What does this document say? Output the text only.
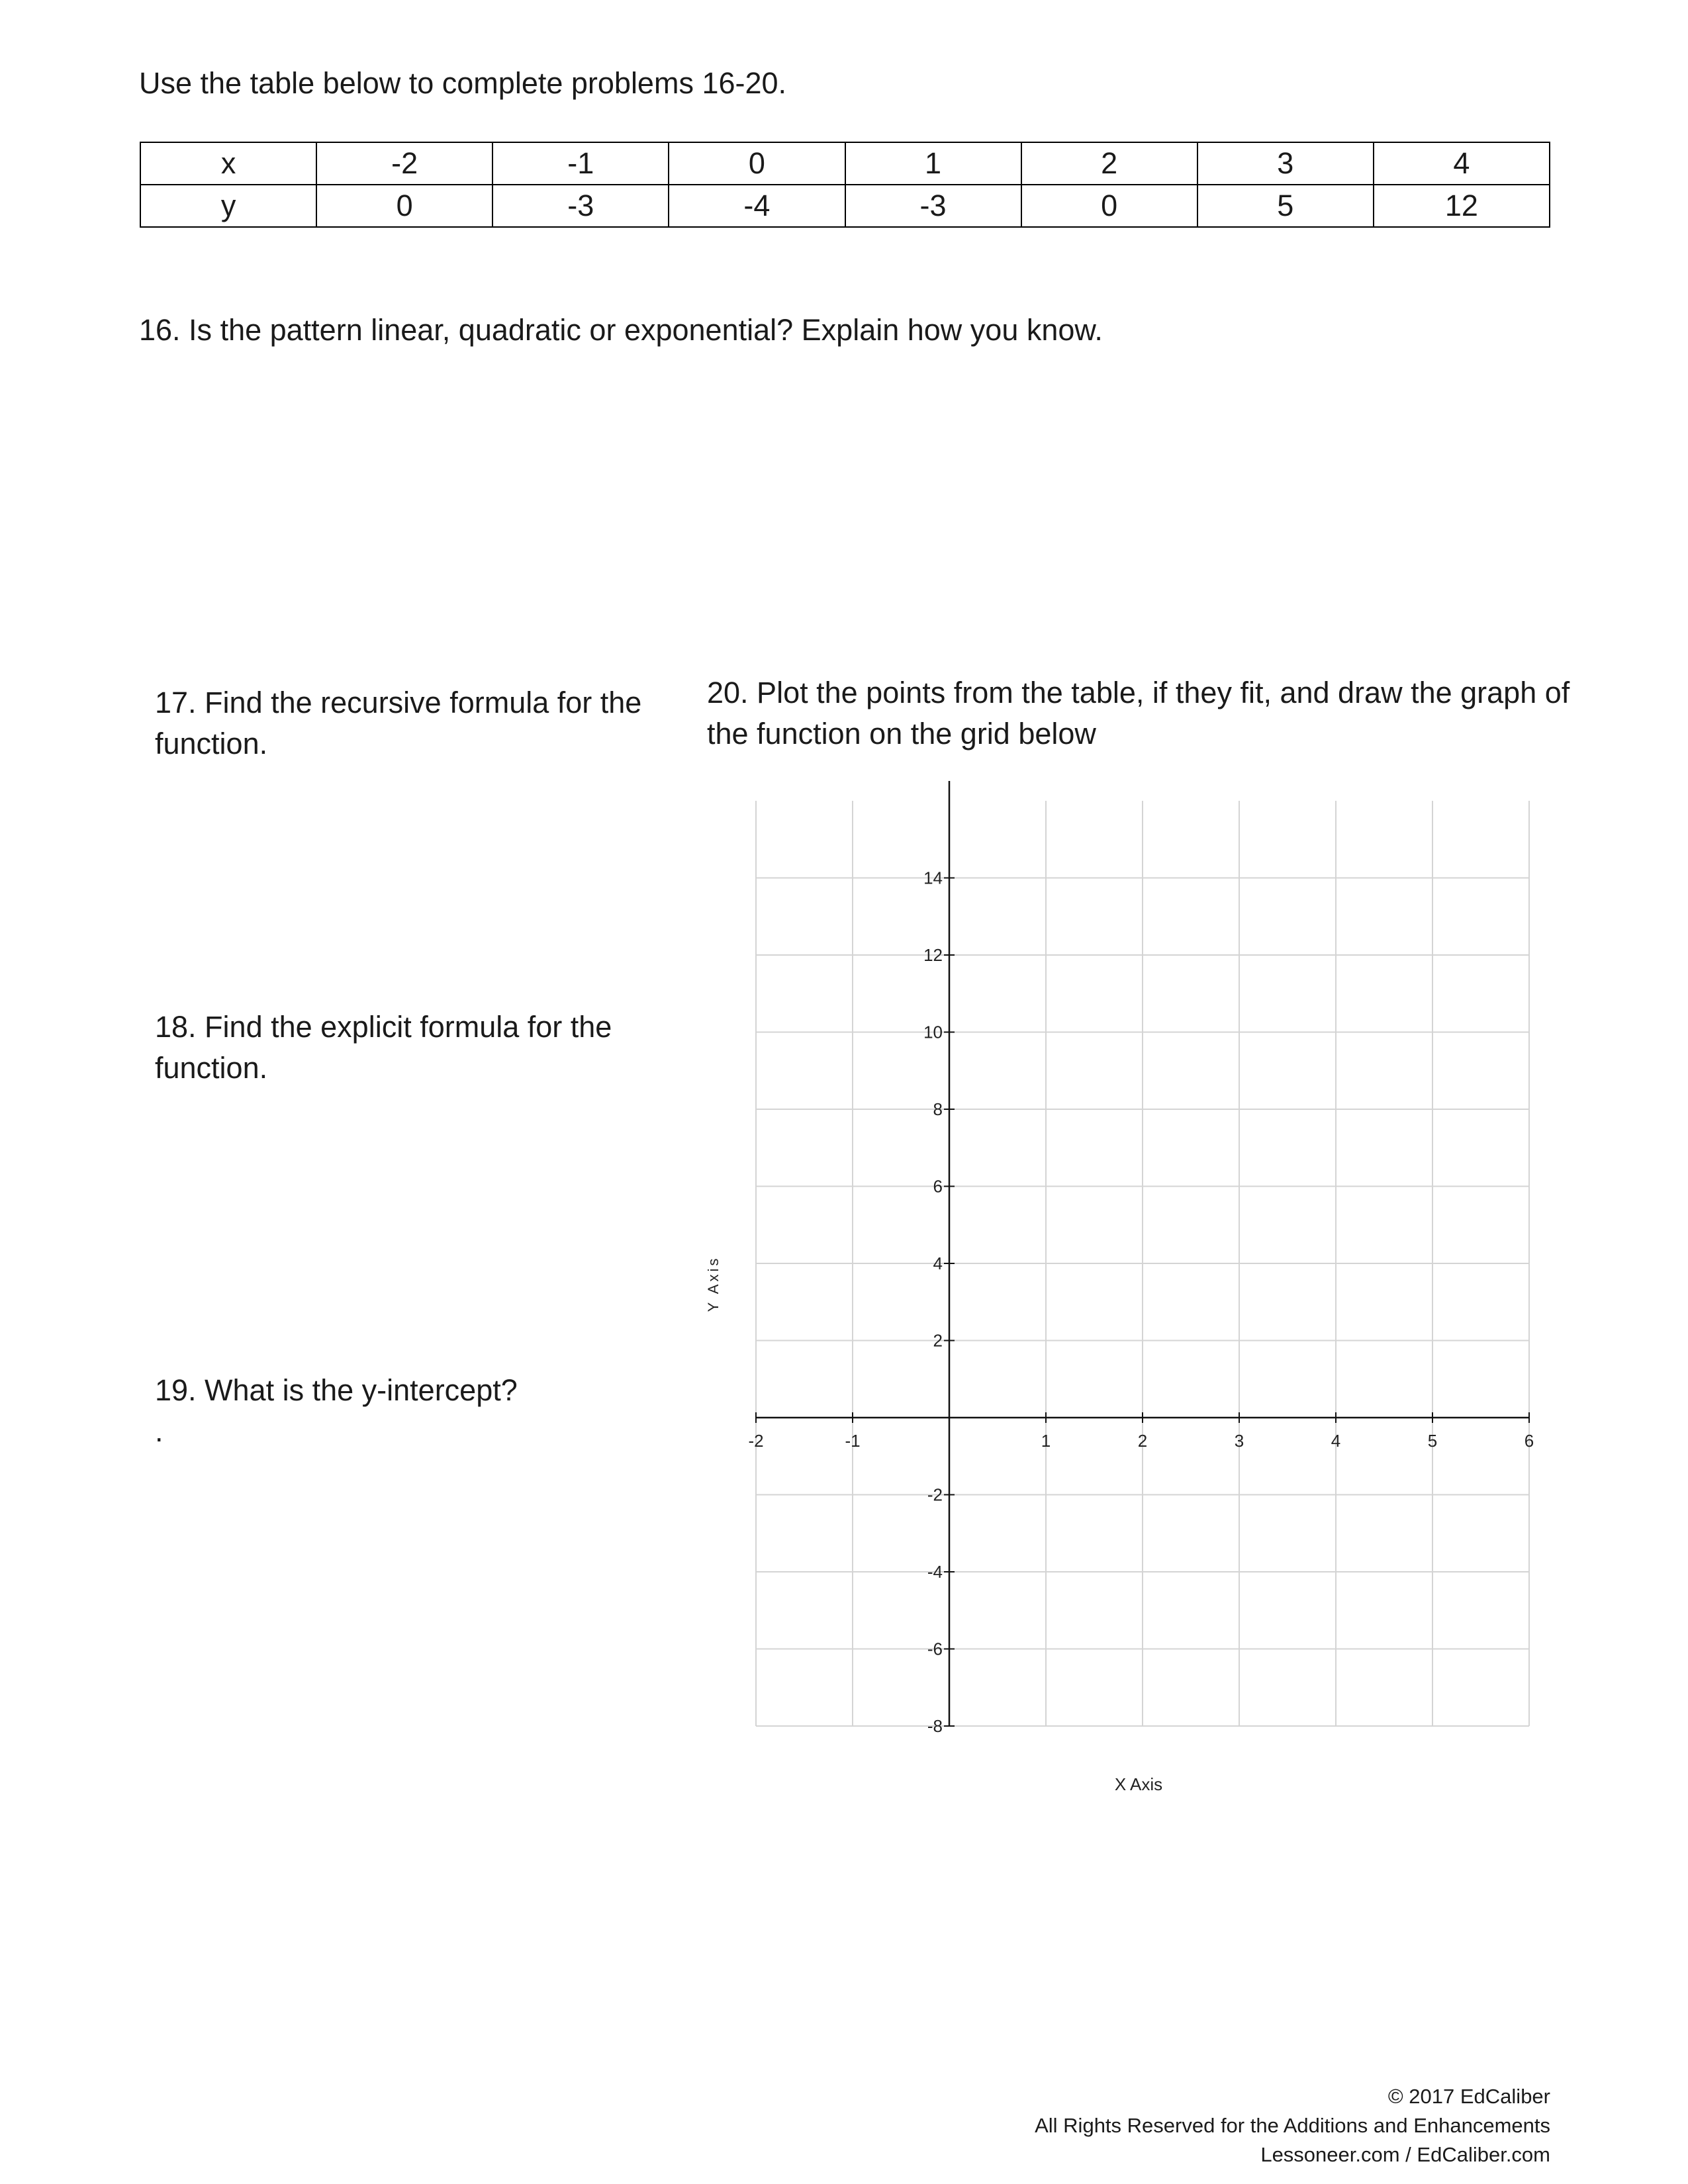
Use the table below to complete problems 16-20.
x	-2	-1	0	1	2	3	4
y	0	-3	-4	-3	0	5	12
16. Is the pattern linear, quadratic or exponential? Explain how you know.
17. Find the recursive formula for the function.
18. Find the explicit formula for the function.
19. What is the y-intercept?
.
20. Plot the points from the table, if they fit, and draw the graph of the function on the grid below
-2	-1	1	2	3	4	5	6
14
12
10
8
6
4
2
-2
-4
-6
-8
X Axis
Y Axis
© 2017 EdCaliber
All Rights Reserved for the Additions and Enhancements
Lessoneer.com / EdCaliber.com
